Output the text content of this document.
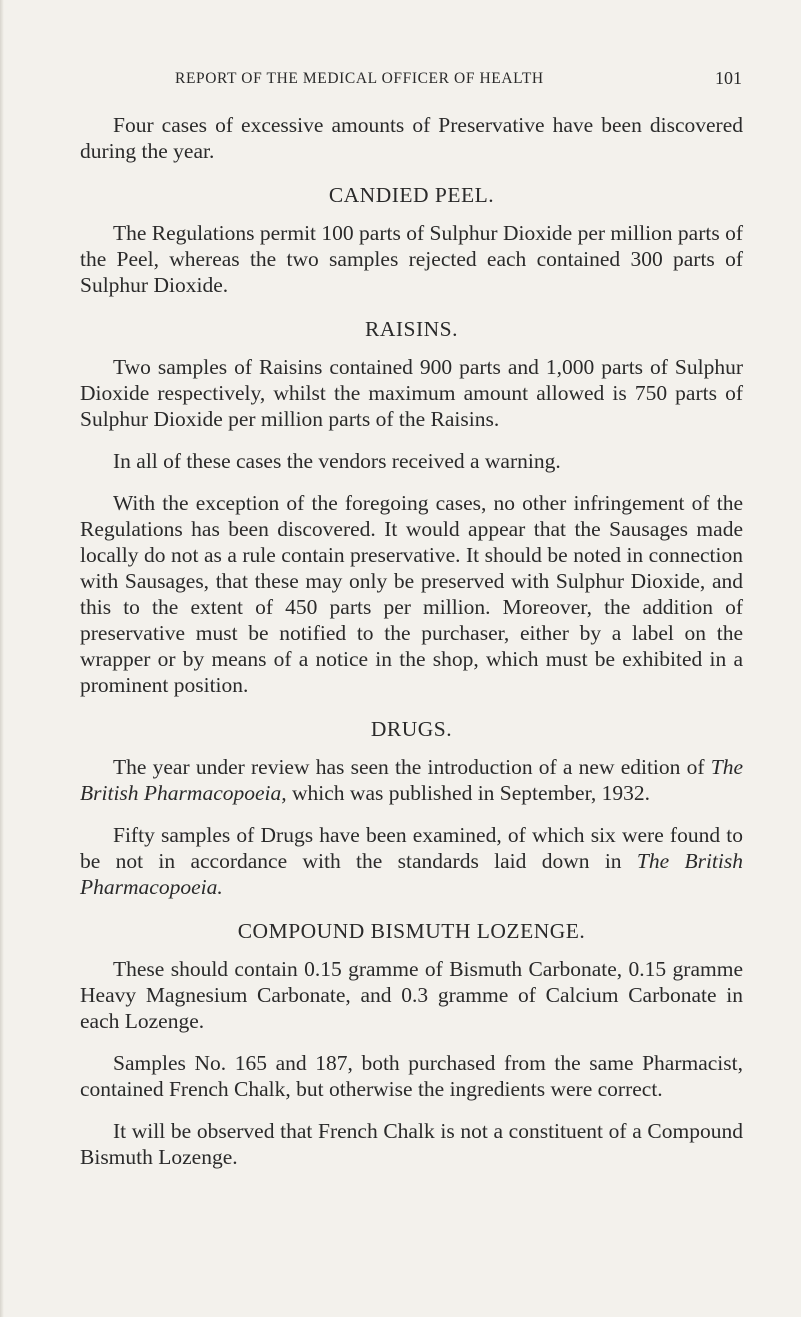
REPORT OF THE MEDICAL OFFICER OF HEALTH	101

Four cases of excessive amounts of Preservative have been discovered during the year.

CANDIED PEEL.

The Regulations permit 100 parts of Sulphur Dioxide per million parts of the Peel, whereas the two samples rejected each contained 300 parts of Sulphur Dioxide.

RAISINS.

Two samples of Raisins contained 900 parts and 1,000 parts of Sulphur Dioxide respectively, whilst the maximum amount allowed is 750 parts of Sulphur Dioxide per million parts of the Raisins.

In all of these cases the vendors received a warning.

With the exception of the foregoing cases, no other infringement of the Regulations has been discovered. It would appear that the Sausages made locally do not as a rule contain preservative. It should be noted in connection with Sausages, that these may only be preserved with Sulphur Dioxide, and this to the extent of 450 parts per million. Moreover, the addition of preservative must be notified to the purchaser, either by a label on the wrapper or by means of a notice in the shop, which must be exhibited in a prominent position.

DRUGS.

The year under review has seen the introduction of a new edition of The British Pharmacopoeia, which was published in September, 1932.

Fifty samples of Drugs have been examined, of which six were found to be not in accordance with the standards laid down in The British Pharmacopoeia.

COMPOUND BISMUTH LOZENGE.

These should contain 0.15 gramme of Bismuth Carbonate, 0.15 gramme Heavy Magnesium Carbonate, and 0.3 gramme of Calcium Carbonate in each Lozenge.

Samples No. 165 and 187, both purchased from the same Pharmacist, contained French Chalk, but otherwise the ingredients were correct.

It will be observed that French Chalk is not a constituent of a Compound Bismuth Lozenge.
